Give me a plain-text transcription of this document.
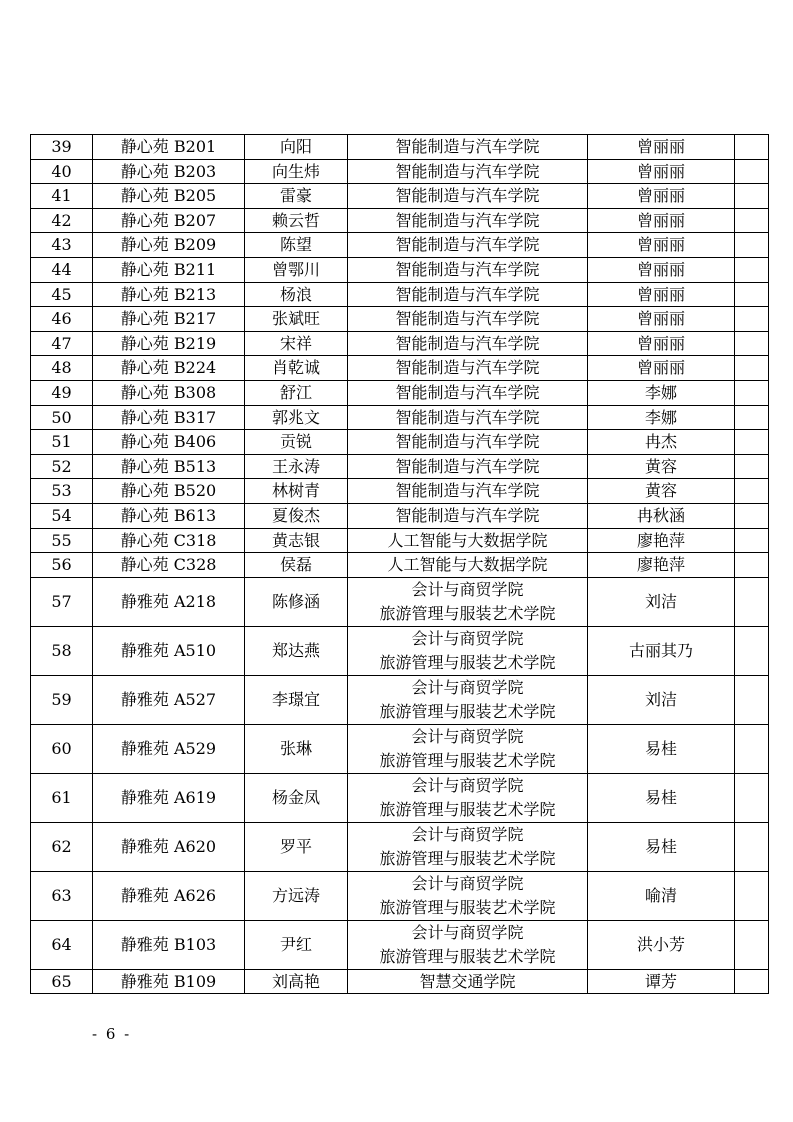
39	静心苑 B201	向阳	智能制造与汽车学院	曾丽丽	
40	静心苑 B203	向生炜	智能制造与汽车学院	曾丽丽	
41	静心苑 B205	雷豪	智能制造与汽车学院	曾丽丽	
42	静心苑 B207	赖云哲	智能制造与汽车学院	曾丽丽	
43	静心苑 B209	陈望	智能制造与汽车学院	曾丽丽	
44	静心苑 B211	曾鄂川	智能制造与汽车学院	曾丽丽	
45	静心苑 B213	杨浪	智能制造与汽车学院	曾丽丽	
46	静心苑 B217	张斌旺	智能制造与汽车学院	曾丽丽	
47	静心苑 B219	宋祥	智能制造与汽车学院	曾丽丽	
48	静心苑 B224	肖乾诚	智能制造与汽车学院	曾丽丽	
49	静心苑 B308	舒江	智能制造与汽车学院	李娜	
50	静心苑 B317	郭兆文	智能制造与汽车学院	李娜	
51	静心苑 B406	贡锐	智能制造与汽车学院	冉杰	
52	静心苑 B513	王永涛	智能制造与汽车学院	黄容	
53	静心苑 B520	林树青	智能制造与汽车学院	黄容	
54	静心苑 B613	夏俊杰	智能制造与汽车学院	冉秋涵	
55	静心苑 C318	黄志银	人工智能与大数据学院	廖艳萍	
56	静心苑 C328	侯磊	人工智能与大数据学院	廖艳萍	
57	静雅苑 A218	陈修涵	会计与商贸学院
旅游管理与服装艺术学院	刘洁	
58	静雅苑 A510	郑达燕	会计与商贸学院
旅游管理与服装艺术学院	古丽其乃	
59	静雅苑 A527	李璟宜	会计与商贸学院
旅游管理与服装艺术学院	刘洁	
60	静雅苑 A529	张琳	会计与商贸学院
旅游管理与服装艺术学院	易桂	
61	静雅苑 A619	杨金凤	会计与商贸学院
旅游管理与服装艺术学院	易桂	
62	静雅苑 A620	罗平	会计与商贸学院
旅游管理与服装艺术学院	易桂	
63	静雅苑 A626	方远涛	会计与商贸学院
旅游管理与服装艺术学院	喻清	
64	静雅苑 B103	尹红	会计与商贸学院
旅游管理与服装艺术学院	洪小芳	
65	静雅苑 B109	刘高艳	智慧交通学院	谭芳	
- 6 -
